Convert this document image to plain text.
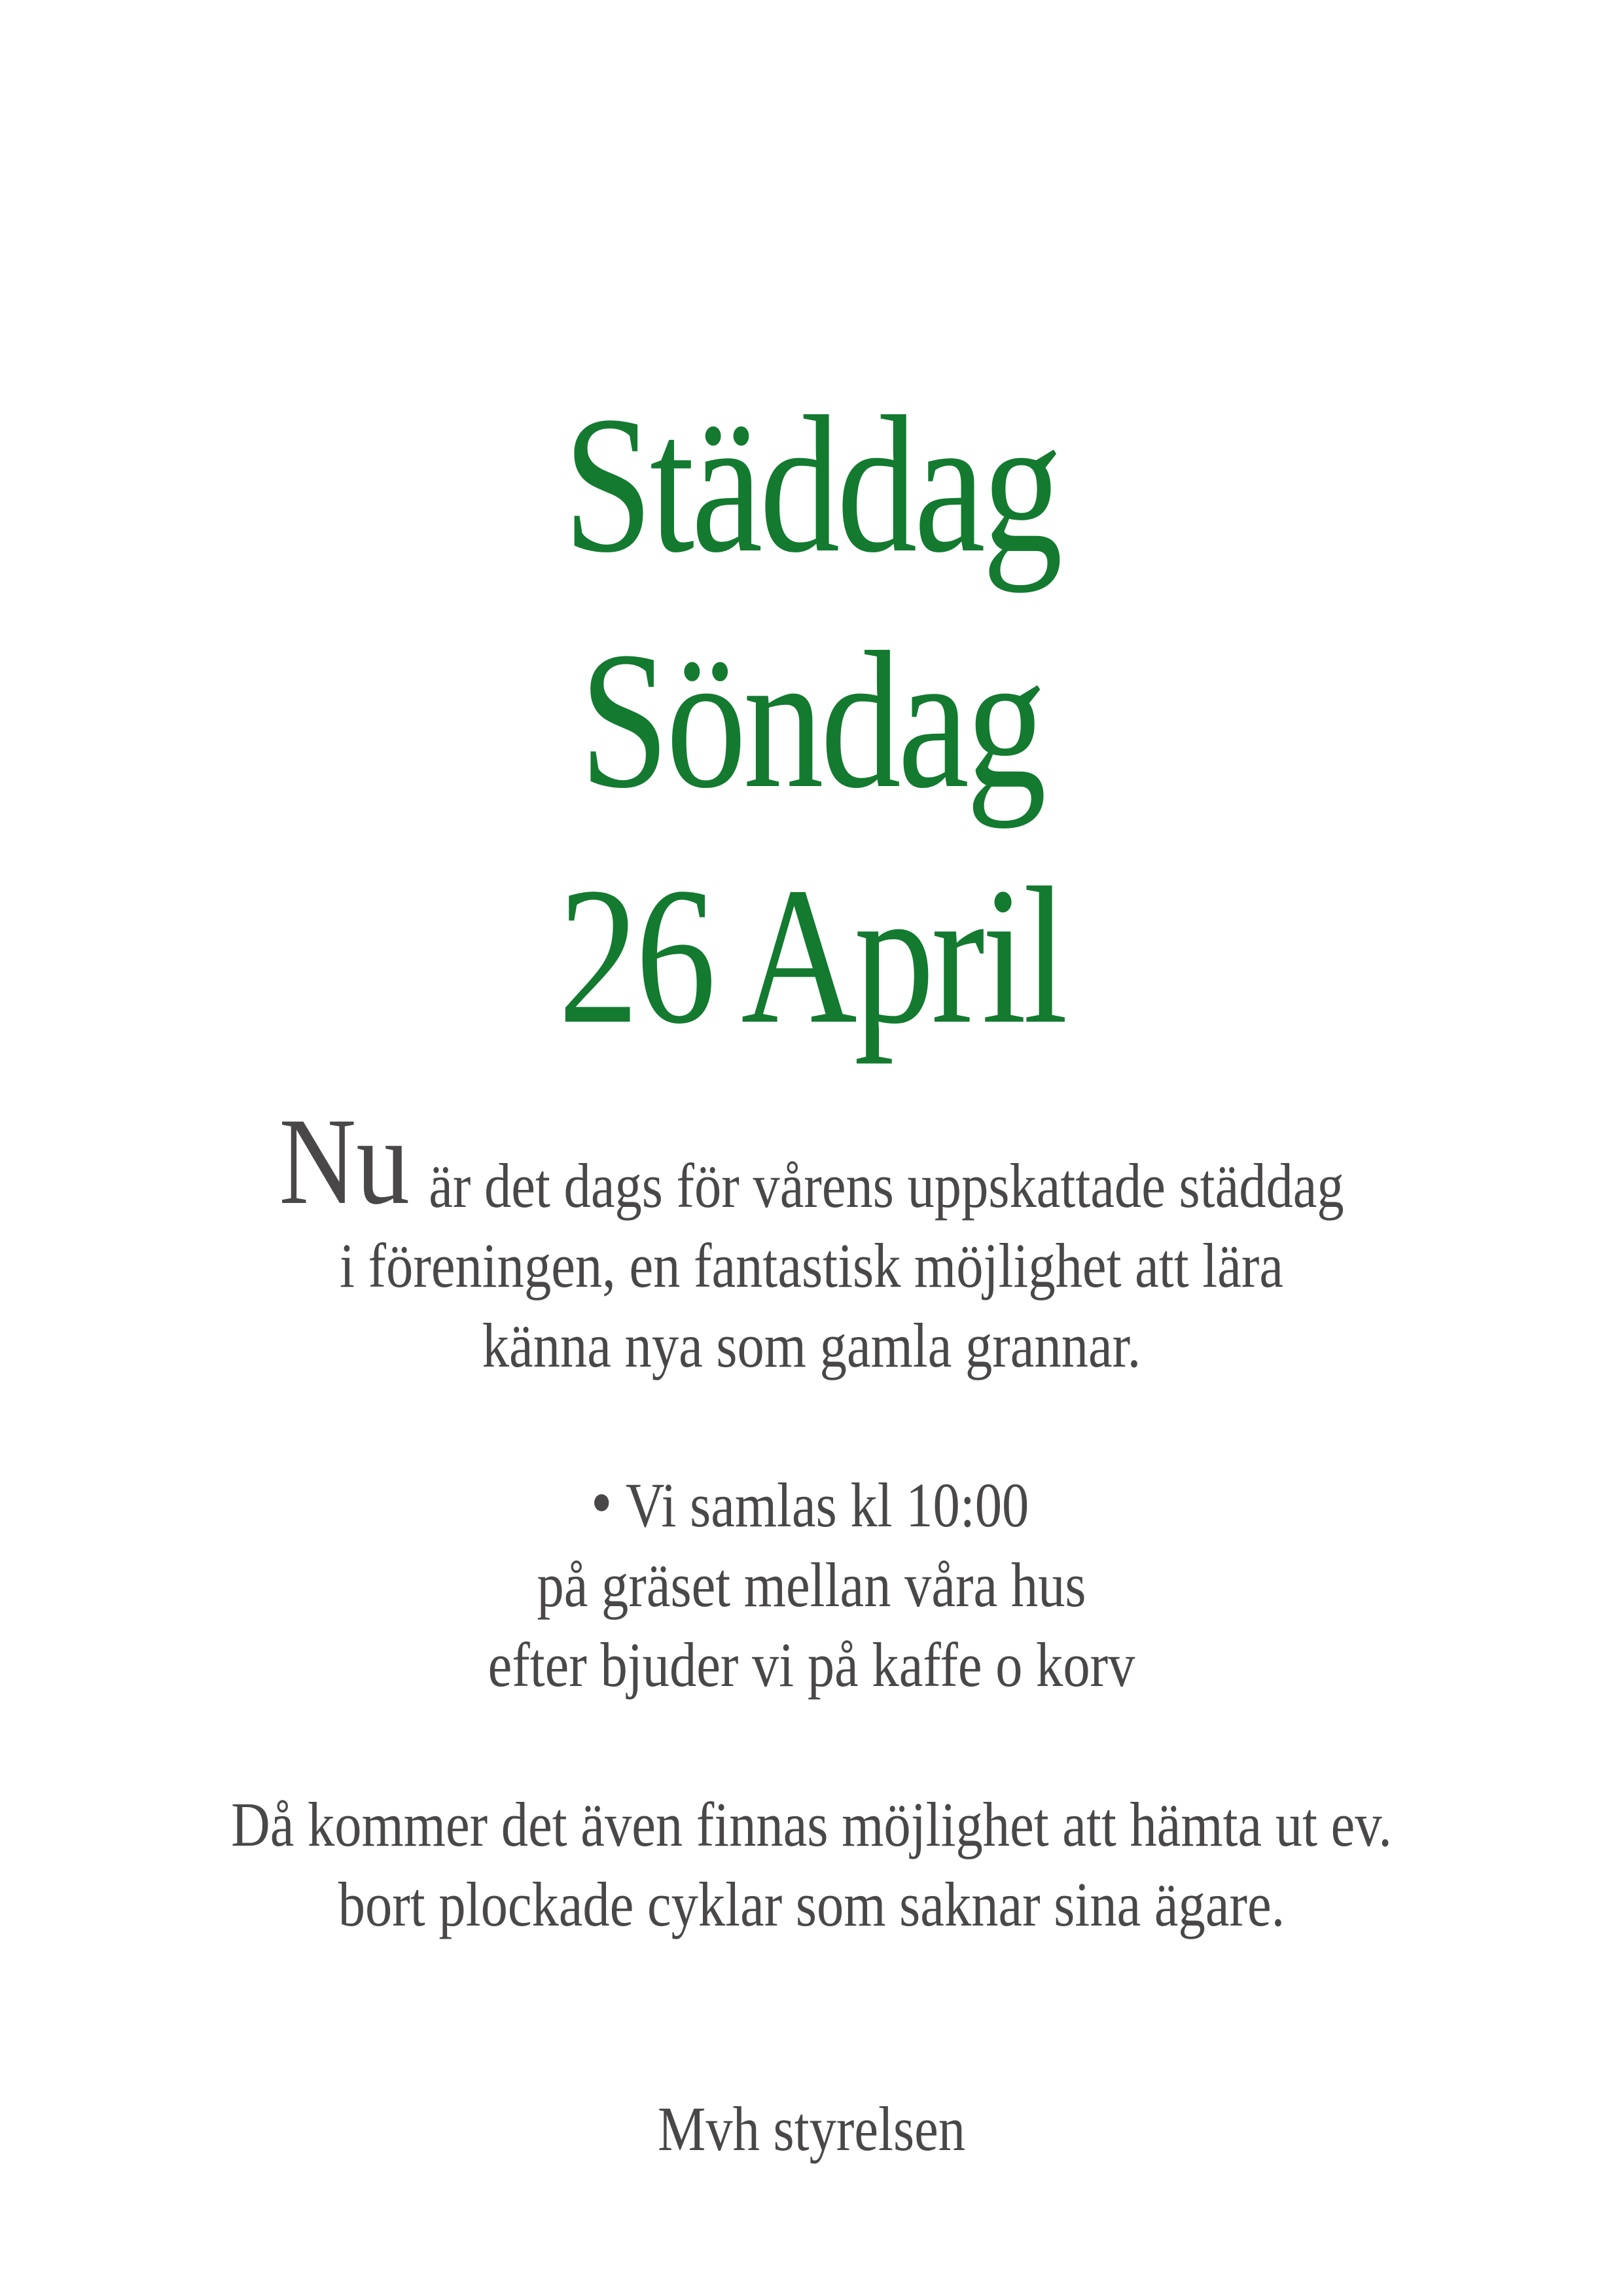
Städdag
Söndag
26 April
Nu är det dags för vårens uppskattade städdag
i föreningen, en fantastisk möjlighet att lära
känna nya som gamla grannar.
Vi samlas kl 10:00
på gräset mellan våra hus
efter bjuder vi på kaffe o korv
Då kommer det även finnas möjlighet att hämta ut ev.
bort plockade cyklar som saknar sina ägare.
Mvh styrelsen
